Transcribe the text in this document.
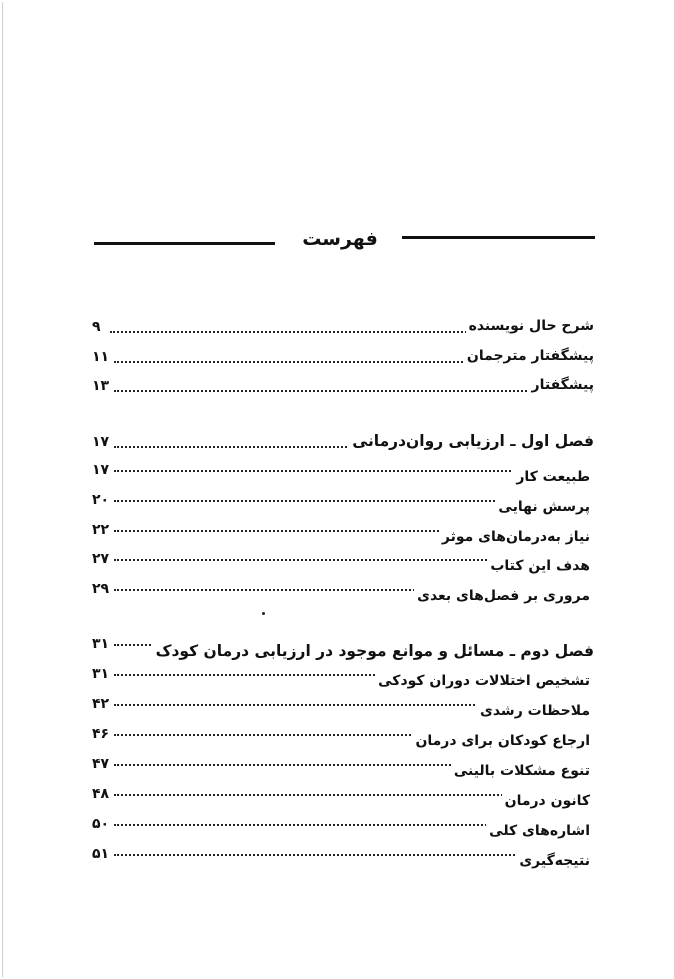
فهرست
شرح حال نویسنده
۹
پیشگفتار مترجمان
۱۱
پیشگفتار
۱۳
فصل اول ـ ارزیابی روان‌درمانی
۱۷
طبیعت کار
۱۷
پرسش نهایی
۲۰
نیاز به‌درمان‌های موثر
۲۲
هدف این کتاب
۲۷
مروری بر فصل‌های بعدی
۲۹
فصل دوم ـ مسائل و موانع موجود در ارزیابی درمان کودک
۳۱
تشخیص اختلالات دوران کودکی
۳۱
ملاحظات رشدی
۴۲
ارجاع کودکان برای درمان
۴۶
تنوع مشکلات بالینی
۴۷
کانون درمان
۴۸
اشاره‌های کلی
۵۰
نتیجه‌گیری
۵۱
